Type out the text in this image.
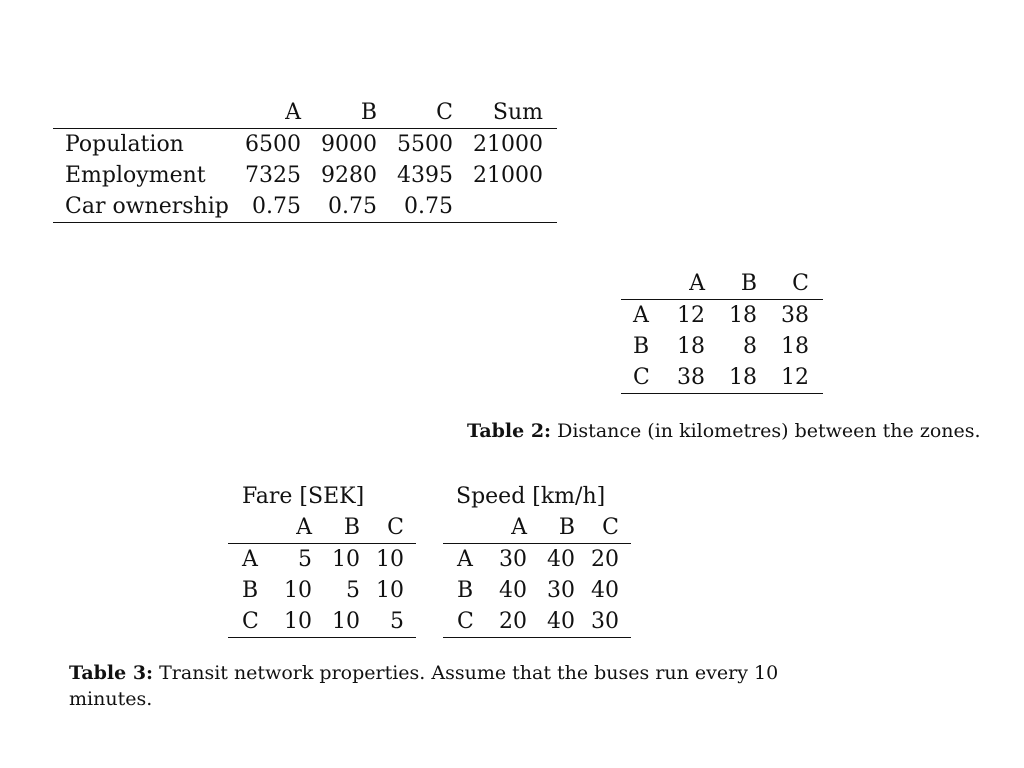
	A	B	C	Sum
Population	6500	9000	5500	21000
Employment	7325	9280	4395	21000
Car ownership	0.75	0.75	0.75	
	A	B	C
A	12	18	38
B	18	8	18
C	38	18	12
Table 2: Distance (in kilometres) between the zones.
Fare [SEK]
	A	B	C
A	5	10	10
B	10	5	10
C	10	10	5
Speed [km/h]
	A	B	C
A	30	40	20
B	40	30	40
C	20	40	30
Table 3: Transit network properties. Assume that the buses run every 10 minutes.
